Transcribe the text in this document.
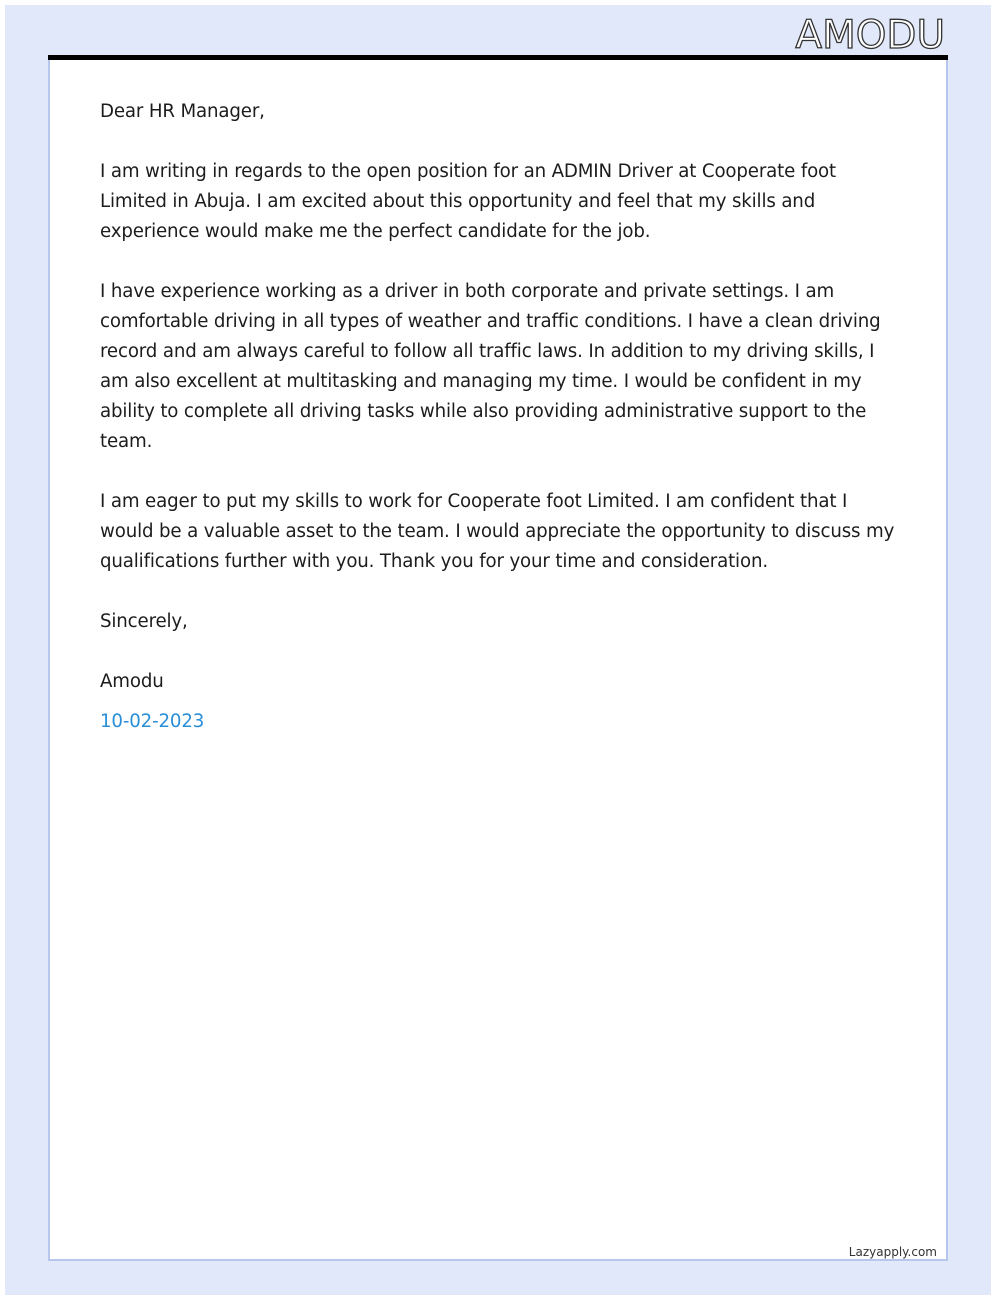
AMODU

Dear HR Manager,

I am writing in regards to the open position for an ADMIN Driver at Cooperate foot Limited in Abuja. I am excited about this opportunity and feel that my skills and experience would make me the perfect candidate for the job.

I have experience working as a driver in both corporate and private settings. I am comfortable driving in all types of weather and traffic conditions. I have a clean driving record and am always careful to follow all traffic laws. In addition to my driving skills, I am also excellent at multitasking and managing my time. I would be confident in my ability to complete all driving tasks while also providing administrative support to the team.

I am eager to put my skills to work for Cooperate foot Limited. I am confident that I would be a valuable asset to the team. I would appreciate the opportunity to discuss my qualifications further with you. Thank you for your time and consideration.

Sincerely,

Amodu

10-02-2023

Lazyapply.com
